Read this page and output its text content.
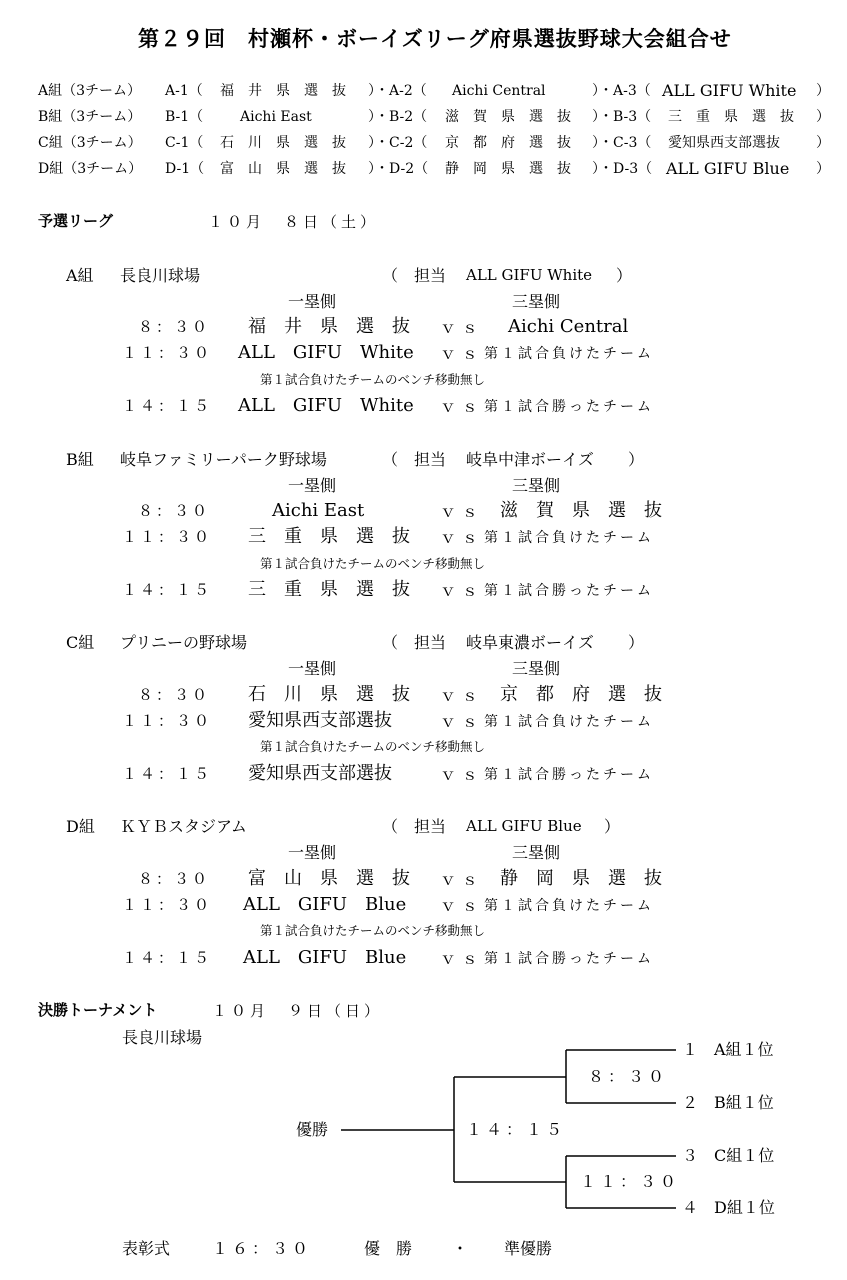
第２９回　村瀬杯・ボーイズリーグ府県選抜野球大会組合せ
A組（3チーム） A-1（ 福　井　県　選　抜 ）・A-2（ Aichi Central	）・A-3（ ALL GIFU White ）
B組（3チーム） B-1（	Aichi East	）・B-2（ 滋　賀　県　選　抜 ）・B-3（ 三　重　県　選　抜 ）
C組（3チーム） C-1（ 石　川　県　選　抜 ）・C-2（ 京　都　府　選　抜 ）・C-3（ 愛知県西支部選抜	）
D組（3チーム） D-1（ 富　山　県　選　抜 ）・D-2（ 静　岡　県　選　抜 ）・D-3（ ALL GIFU Blue ）
予選リーグ	１０月　８日（土）
A組 長良川球場	（　担当 ALL GIFU White ）
一塁側	三塁側
８：３０ 福　井　県　選　抜 ｖｓ Aichi Central
１１：３０ ALL　GIFU　White ｖｓ 第１試合負けたチーム
第１試合負けたチームのベンチ移動無し
１４：１５ ALL　GIFU　White ｖｓ 第１試合勝ったチーム
B組 岐阜ファミリーパーク野球場	（　担当 岐阜中津ボーイズ ）
一塁側	三塁側
８：３０	Aichi East	ｖｓ 滋　賀　県　選　抜
１１：３０ 三　重　県　選　抜 ｖｓ 第１試合負けたチーム
第１試合負けたチームのベンチ移動無し
１４：１５ 三　重　県　選　抜 ｖｓ 第１試合勝ったチーム
C組 プリニーの野球場	（　担当 岐阜東濃ボーイズ ）
一塁側	三塁側
８：３０ 石　川　県　選　抜 ｖｓ 京　都　府　選　抜
１１：３０ 愛知県西支部選抜	ｖｓ 第１試合負けたチーム
第１試合負けたチームのベンチ移動無し
１４：１５ 愛知県西支部選抜	ｖｓ 第１試合勝ったチーム
D組 ＫＹＢスタジアム	（　担当 ALL GIFU Blue ）
一塁側	三塁側
８：３０ 富　山　県　選　抜 ｖｓ 静　岡　県　選　抜
１１：３０ ALL　GIFU　Blue ｖｓ 第１試合負けたチーム
第１試合負けたチームのベンチ移動無し
１４：１５ ALL　GIFU　Blue ｖｓ 第１試合勝ったチーム
決勝トーナメント	１０月　９日（日）
長良川球場
優勝	１４：１５
８：３０
１１：３０
１ A組１位
２ B組１位
３ C組１位
４ D組１位
表彰式	１６：３０	優　勝 ・ 準優勝
